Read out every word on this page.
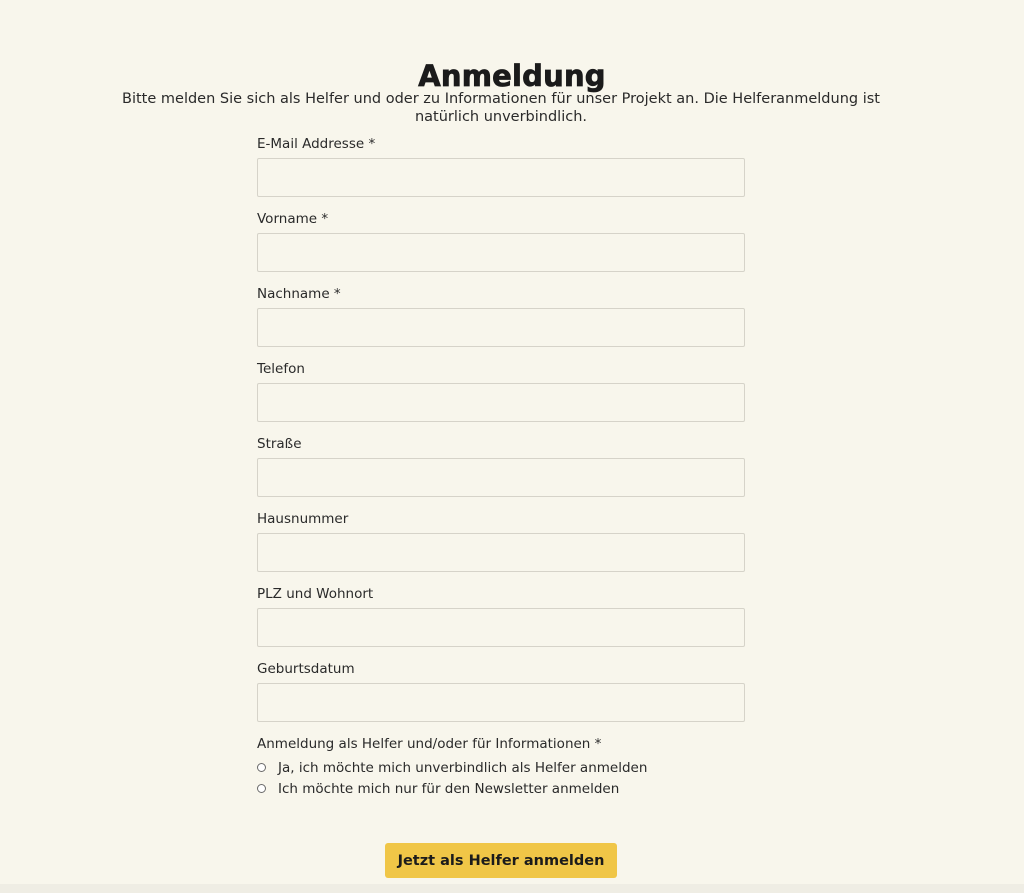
Anmeldung

Bitte melden Sie sich als Helfer und oder zu Informationen für unser Projekt an. Die Helferanmeldung ist natürlich unverbindlich.

E-Mail Addresse *
Vorname *
Nachname *
Telefon
Straße
Hausnummer
PLZ und Wohnort
Geburtsdatum
Anmeldung als Helfer und/oder für Informationen *
Ja, ich möchte mich unverbindlich als Helfer anmelden
Ich möchte mich nur für den Newsletter anmelden
Jetzt als Helfer anmelden
